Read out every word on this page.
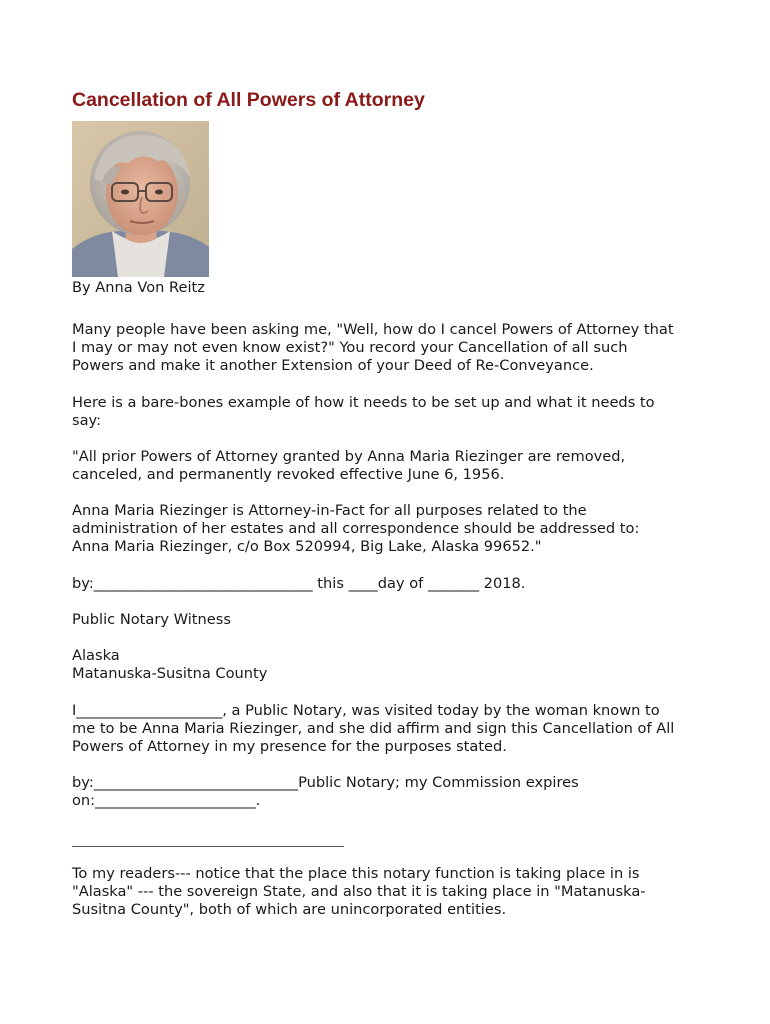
Cancellation of All Powers of Attorney

By Anna Von Reitz

Many people have been asking me, "Well, how do I cancel Powers of Attorney that
I may or may not even know exist?" You record your Cancellation of all such
Powers and make it another Extension of your Deed of Re-Conveyance.

Here is a bare-bones example of how it needs to be set up and what it needs to
say:

"All prior Powers of Attorney granted by Anna Maria Riezinger are removed,
canceled, and permanently revoked effective June 6, 1956.

Anna Maria Riezinger is Attorney-in-Fact for all purposes related to the
administration of her estates and all correspondence should be addressed to:
Anna Maria Riezinger, c/o Box 520994, Big Lake, Alaska 99652."

by:______________________________ this ____day of _______ 2018.

Public Notary Witness

Alaska
Matanuska-Susitna County

I____________________, a Public Notary, was visited today by the woman known to
me to be Anna Maria Riezinger, and she did affirm and sign this Cancellation of All
Powers of Attorney in my presence for the purposes stated.

by:____________________________Public Notary; my Commission expires
on:______________________.

To my readers--- notice that the place this notary function is taking place in is
"Alaska" --- the sovereign State, and also that it is taking place in "Matanuska-
Susitna County", both of which are unincorporated entities.
